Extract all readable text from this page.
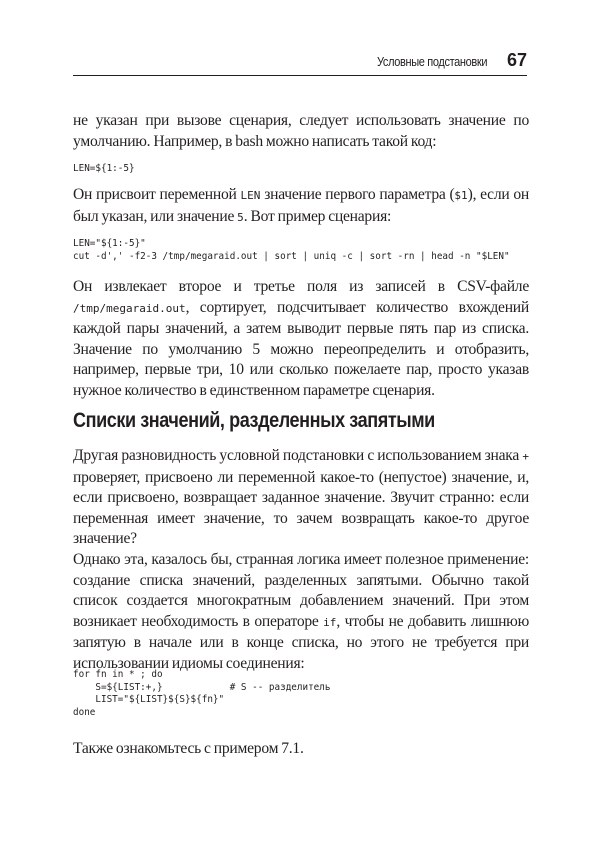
Условные подстановки 67

не указан при вызове сценария, следует использовать значение по умолчанию. Например, в bash можно написать такой код:

LEN=${1:-5}

Он присвоит переменной LEN значение первого параметра ($1), если он был указан, или значение 5. Вот пример сценария:

LEN="${1:-5}"
cut -d',' -f2-3 /tmp/megaraid.out | sort | uniq -c | sort -rn | head -n "$LEN"

Он извлекает второе и третье поля из записей в CSV-файле /tmp/megaraid.out, сортирует, подсчитывает количество вхождений каждой пары значений, а затем выводит первые пять пар из списка. Значение по умолчанию 5 можно переопределить и отобразить, например, первые три, 10 или сколько пожелаете пар, просто указав нужное количество в единственном параметре сценария.

Списки значений, разделенных запятыми

Другая разновидность условной подстановки с использованием знака + проверяет, присвоено ли переменной какое-то (непустое) значение, и, если присвоено, возвращает заданное значение. Звучит странно: если переменная имеет значение, то зачем возвращать какое-то другое значение?

Однако эта, казалось бы, странная логика имеет полезное применение: создание списка значений, разделенных запятыми. Обычно такой список создается многократным добавлением значений. При этом возникает необходимость в операторе if, чтобы не добавить лишнюю запятую в начале или в конце списка, но этого не требуется при использовании идиомы соединения:

for fn in * ; do
S=${LIST:+,}            # S -- разделитель
LIST="${LIST}${S}${fn}"
done

Также ознакомьтесь с примером 7.1.
